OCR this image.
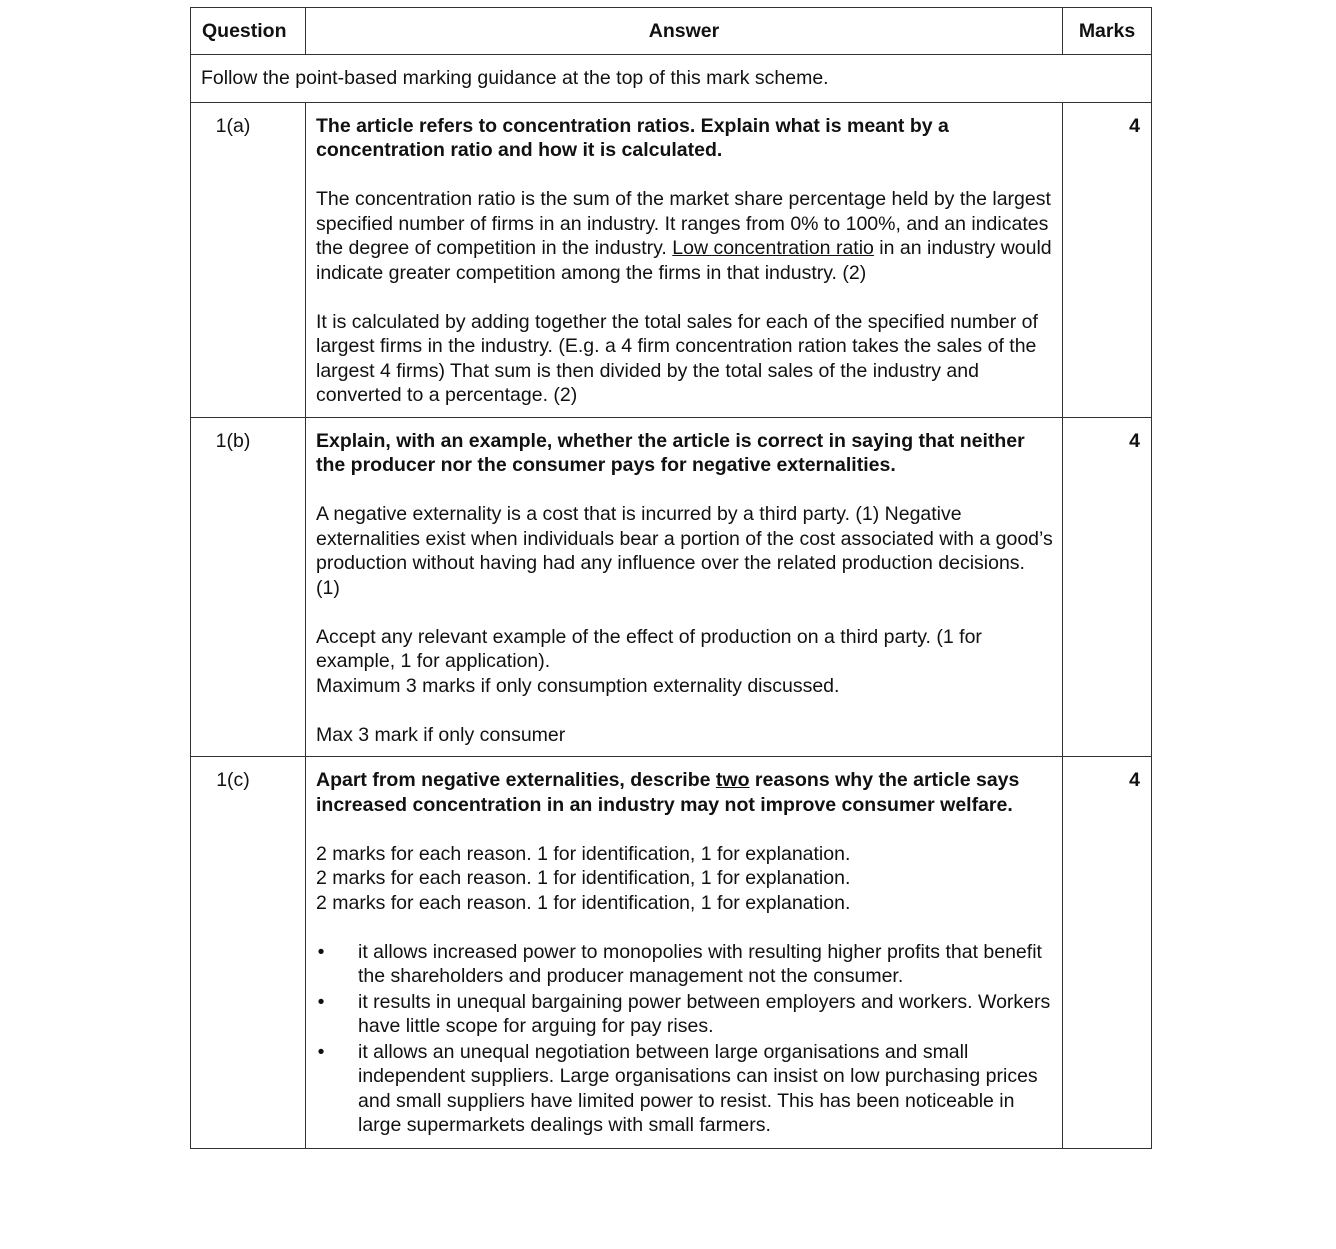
Question	Answer	Marks
Follow the point-based marking guidance at the top of this mark scheme.		
1(a)	The article refers to concentration ratios. Explain what is meant by a concentration ratio and how it is calculated.

The concentration ratio is the sum of the market share percentage held by the largest specified number of firms in an industry. It ranges from 0% to 100%, and an indicates the degree of competition in the industry. Low concentration ratio in an industry would indicate greater competition among the firms in that industry. (2)

It is calculated by adding together the total sales for each of the specified number of largest firms in the industry. (E.g. a 4 firm concentration ration takes the sales of the largest 4 firms) That sum is then divided by the total sales of the industry and converted to a percentage. (2)	4
1(b)	Explain, with an example, whether the article is correct in saying that neither the producer nor the consumer pays for negative externalities.

A negative externality is a cost that is incurred by a third party. (1) Negative externalities exist when individuals bear a portion of the cost associated with a good’s production without having had any influence over the related production decisions. (1)

Accept any relevant example of the effect of production on a third party. (1 for example, 1 for application).
Maximum 3 marks if only consumption externality discussed.

Max 3 mark if only consumer	4
1(c)	Apart from negative externalities, describe two reasons why the article says increased concentration in an industry may not improve consumer welfare.

2 marks for each reason. 1 for identification, 1 for explanation.
2 marks for each reason. 1 for identification, 1 for explanation.
2 marks for each reason. 1 for identification, 1 for explanation.

• it allows increased power to monopolies with resulting higher profits that benefit the shareholders and producer management not the consumer.
• it results in unequal bargaining power between employers and workers. Workers have little scope for arguing for pay rises.
• it allows an unequal negotiation between large organisations and small independent suppliers. Large organisations can insist on low purchasing prices and small suppliers have limited power to resist. This has been noticeable in large supermarkets dealings with small farmers.
	4
